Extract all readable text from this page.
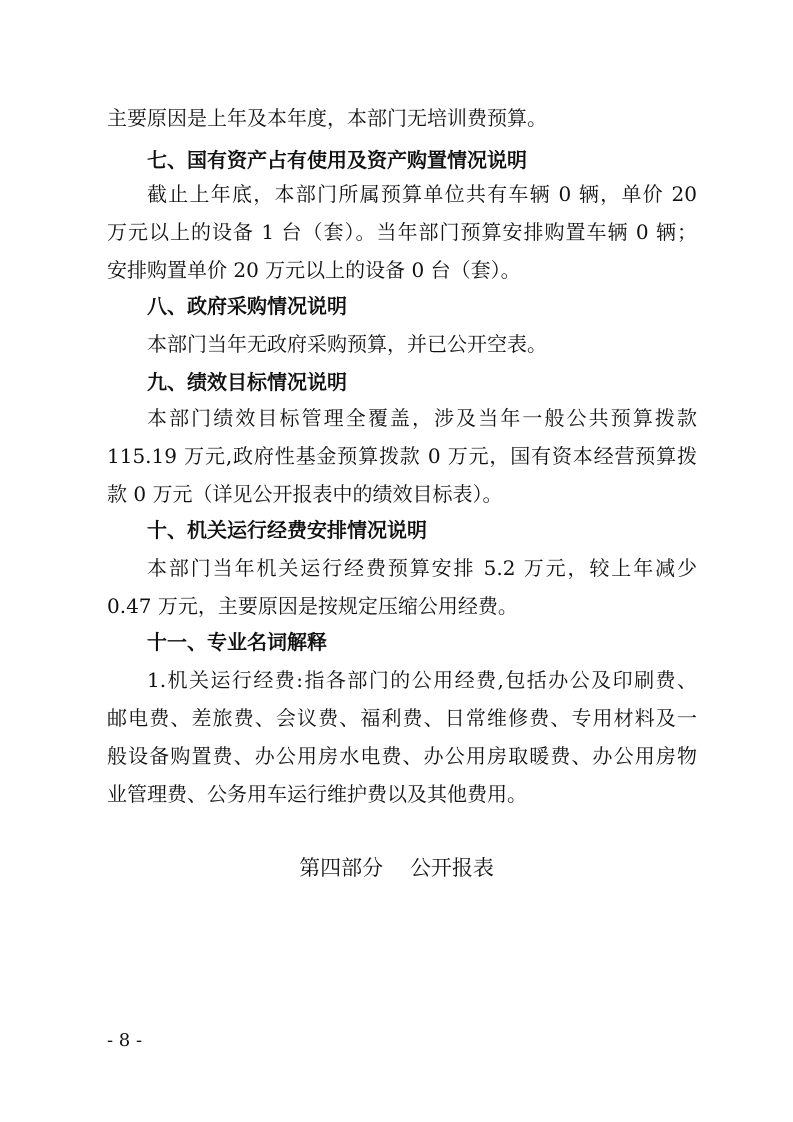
主要原因是上年及本年度，本部门无培训费预算。
七、国有资产占有使用及资产购置情况说明
截止上年底，本部门所属预算单位共有车辆 0 辆，单价 20
万元以上的设备 1 台（套）。当年部门预算安排购置车辆 0 辆；
安排购置单价 20 万元以上的设备 0 台（套）。
八、政府采购情况说明
本部门当年无政府采购预算，并已公开空表。
九、绩效目标情况说明
本部门绩效目标管理全覆盖，涉及当年一般公共预算拨款
115.19 万元,政府性基金预算拨款 0 万元，国有资本经营预算拨
款 0 万元（详见公开报表中的绩效目标表）。
十、机关运行经费安排情况说明
本部门当年机关运行经费预算安排 5.2 万元，较上年减少
0.47 万元，主要原因是按规定压缩公用经费。
十一、专业名词解释
1.机关运行经费:指各部门的公用经费,包括办公及印刷费、
邮电费、差旅费、会议费、福利费、日常维修费、专用材料及一
般设备购置费、办公用房水电费、办公用房取暖费、办公用房物
业管理费、公务用车运行维护费以及其他费用。
第四部分    公开报表
- 8 -
